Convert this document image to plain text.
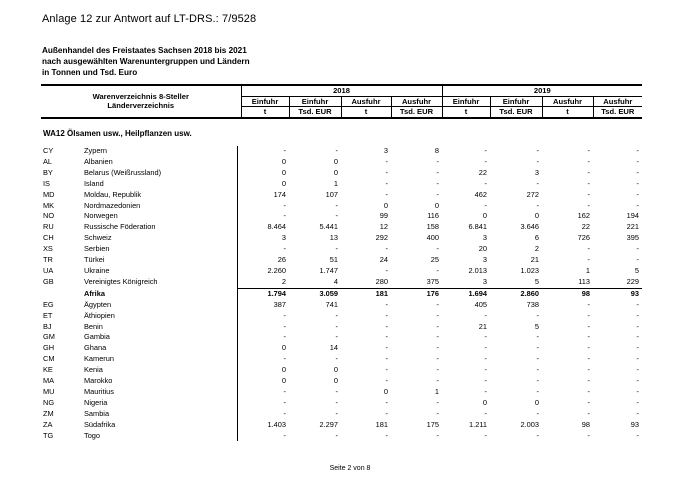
Anlage 12 zur Antwort auf LT-DRS.: 7/9528
Außenhandel des Freistaates Sachsen 2018 bis 2021
nach ausgewählten Warenuntergruppen und Ländern
in Tonnen und Tsd. Euro
Warenverzeichnis 8-Steller
Länderverzeichnis	2018				2019			
	Einfuhr	Einfuhr	Ausfuhr	Ausfuhr	Einfuhr	Einfuhr	Ausfuhr	Ausfuhr
	t	Tsd. EUR	t	Tsd. EUR	t	Tsd. EUR	t	Tsd. EUR
WA12 Ölsamen usw., Heilpflanzen usw.
CY	Zypern	-	-	3	8	-	-	-	-
AL	Albanien	0	0	-	-	-	-	-	-
BY	Belarus (Weißrussland)	0	0	-	-	22	3	-	-
IS	Island	0	1	-	-	-	-	-	-
MD	Moldau, Republik	174	107	-	-	462	272	-	-
MK	Nordmazedonien	-	-	0	0	-	-	-	-
NO	Norwegen	-	-	99	116	0	0	162	194
RU	Russische Föderation	8.464	5.441	12	158	6.841	3.646	22	221
CH	Schweiz	3	13	292	400	3	6	726	395
XS	Serbien	-	-	-	-	20	2	-	-
TR	Türkei	26	51	24	25	3	21	-	-
UA	Ukraine	2.260	1.747	-	-	2.013	1.023	1	5
GB	Vereinigtes Königreich	2	4	280	375	3	5	113	229
	Afrika	1.794	3.059	181	176	1.694	2.860	98	93
EG	Ägypten	387	741	-	-	405	738	-	-
ET	Äthiopien	-	-	-	-	-	-	-	-
BJ	Benin	-	-	-	-	21	5	-	-
GM	Gambia	-	-	-	-	-	-	-	-
GH	Ghana	0	14	-	-	-	-	-	-
CM	Kamerun	-	-	-	-	-	-	-	-
KE	Kenia	0	0	-	-	-	-	-	-
MA	Marokko	0	0	-	-	-	-	-	-
MU	Mauritius	-	-	0	1	-	-	-	-
NG	Nigeria	-	-	-	-	0	0	-	-
ZM	Sambia	-	-	-	-	-	-	-	-
ZA	Südafrika	1.403	2.297	181	175	1.211	2.003	98	93
TG	Togo	-	-	-	-	-	-	-	-
Seite 2 von 8
